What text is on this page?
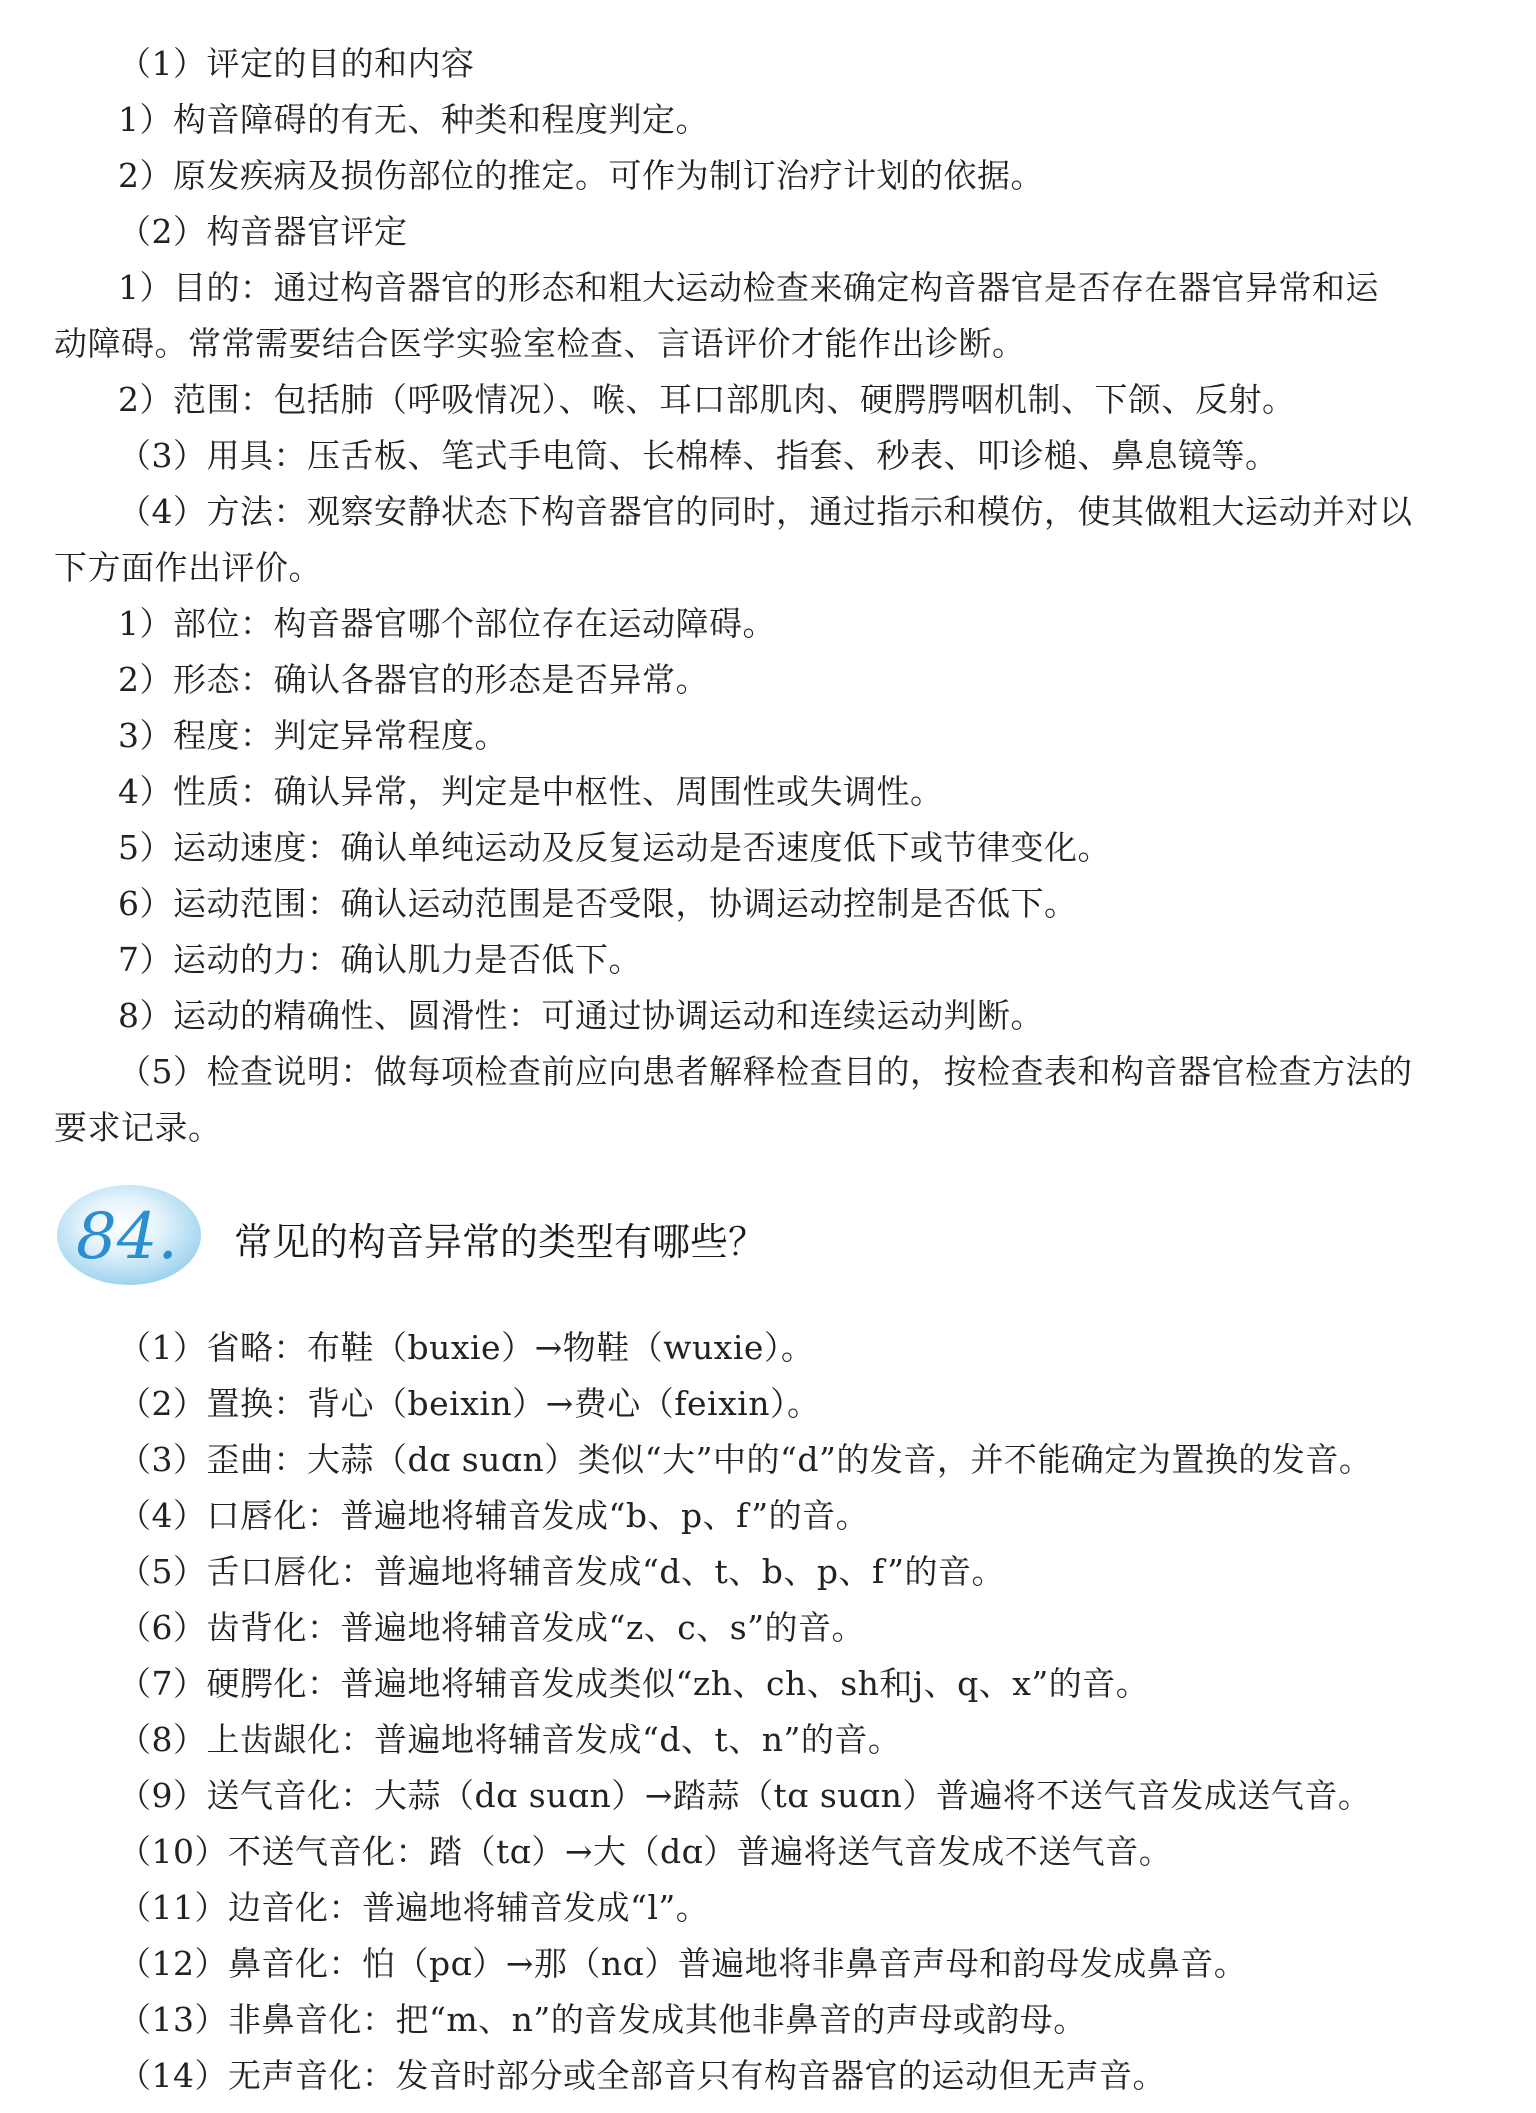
（1）评定的目的和内容
1）构音障碍的有无、种类和程度判定。
2）原发疾病及损伤部位的推定。可作为制订治疗计划的依据。
（2）构音器官评定
1）目的：通过构音器官的形态和粗大运动检查来确定构音器官是否存在器官异常和运
动障碍。常常需要结合医学实验室检查、言语评价才能作出诊断。
2）范围：包括肺（呼吸情况）、喉、耳口部肌肉、硬腭腭咽机制、下颌、反射。
（3）用具：压舌板、笔式手电筒、长棉棒、指套、秒表、叩诊槌、鼻息镜等。
（4）方法：观察安静状态下构音器官的同时，通过指示和模仿，使其做粗大运动并对以
下方面作出评价。
1）部位：构音器官哪个部位存在运动障碍。
2）形态：确认各器官的形态是否异常。
3）程度：判定异常程度。
4）性质：确认异常，判定是中枢性、周围性或失调性。
5）运动速度：确认单纯运动及反复运动是否速度低下或节律变化。
6）运动范围：确认运动范围是否受限，协调运动控制是否低下。
7）运动的力：确认肌力是否低下。
8）运动的精确性、圆滑性：可通过协调运动和连续运动判断。
（5）检查说明：做每项检查前应向患者解释检查目的，按检查表和构音器官检查方法的
要求记录。
84. 常见的构音异常的类型有哪些？
（1）省略：布鞋（buxie）→物鞋（wuxie）。
（2）置换：背心（beixin）→费心（feixin）。
（3）歪曲：大蒜（dɑ suɑn）类似“大”中的“d”的发音，并不能确定为置换的发音。
（4）口唇化：普遍地将辅音发成“b、p、f”的音。
（5）舌口唇化：普遍地将辅音发成“d、t、b、p、f”的音。
（6）齿背化：普遍地将辅音发成“z、c、s”的音。
（7）硬腭化：普遍地将辅音发成类似“zh、ch、sh和j、q、x”的音。
（8）上齿龈化：普遍地将辅音发成“d、t、n”的音。
（9）送气音化：大蒜（dɑ suɑn）→踏蒜（tɑ suɑn）普遍将不送气音发成送气音。
（10）不送气音化：踏（tɑ）→大（dɑ）普遍将送气音发成不送气音。
（11）边音化：普遍地将辅音发成“l”。
（12）鼻音化：怕（pɑ）→那（nɑ）普遍地将非鼻音声母和韵母发成鼻音。
（13）非鼻音化：把“m、n”的音发成其他非鼻音的声母或韵母。
（14）无声音化：发音时部分或全部音只有构音器官的运动但无声音。
